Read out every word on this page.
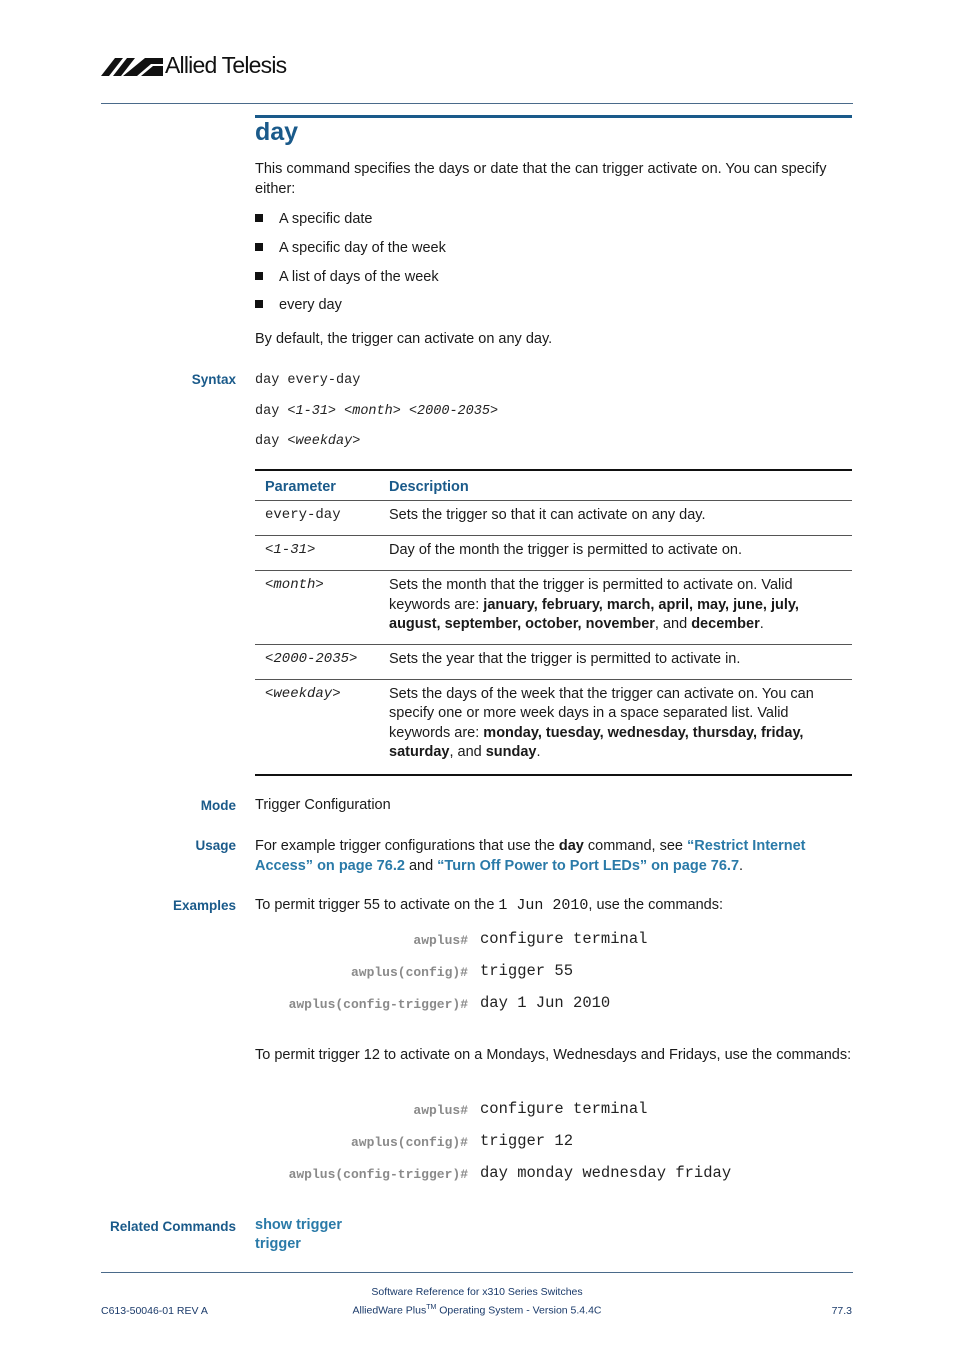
Allied Telesis
day
This command specifies the days or date that the can trigger activate on. You can specify either:
A specific date
A specific day of the week
A list of days of the week
every day
By default, the trigger can activate on any day.
Syntax day every-day
day <1-31> <month> <2000-2035>
day <weekday>
Parameter	Description
every-day	Sets the trigger so that it can activate on any day.
<1-31>	Day of the month the trigger is permitted to activate on.
<month>	Sets the month that the trigger is permitted to activate on. Valid keywords are: january, february, march, april, may, june, july, august, september, october, november, and december.
<2000-2035>	Sets the year that the trigger is permitted to activate in.
<weekday>	Sets the days of the week that the trigger can activate on. You can specify one or more week days in a space separated list. Valid keywords are: monday, tuesday, wednesday, thursday, friday, saturday, and sunday.
Mode Trigger Configuration
Usage For example trigger configurations that use the day command, see “Restrict Internet Access” on page 76.2 and “Turn Off Power to Port LEDs” on page 76.7.
Examples To permit trigger 55 to activate on the 1 Jun 2010, use the commands:
awplus# configure terminal
awplus(config)# trigger 55
awplus(config-trigger)# day 1 Jun 2010
To permit trigger 12 to activate on a Mondays, Wednesdays and Fridays, use the commands:
awplus# configure terminal
awplus(config)# trigger 12
awplus(config-trigger)# day monday wednesday friday
Related Commands show trigger
trigger
C613-50046-01 REV A
Software Reference for x310 Series Switches
AlliedWare Plus™ Operating System - Version 5.4.4C	77.3
